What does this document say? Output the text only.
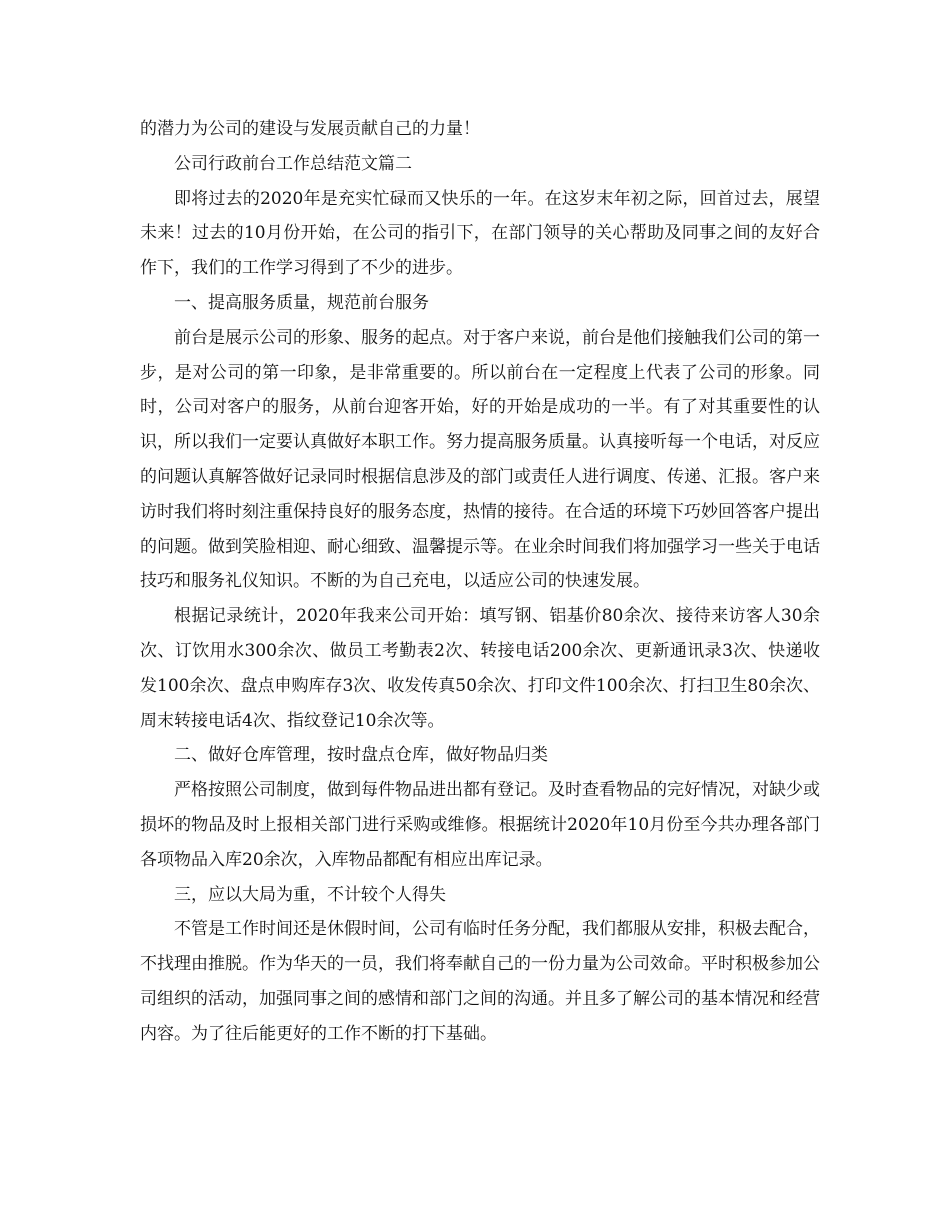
的潜力为公司的建设与发展贡献自己的力量！

公司行政前台工作总结范文篇二

即将过去的2020年是充实忙碌而又快乐的一年。在这岁末年初之际，回首过去，展望未来！过去的10月份开始，在公司的指引下，在部门领导的关心帮助及同事之间的友好合作下，我们的工作学习得到了不少的进步。

一、提高服务质量，规范前台服务

前台是展示公司的形象、服务的起点。对于客户来说，前台是他们接触我们公司的第一步，是对公司的第一印象，是非常重要的。所以前台在一定程度上代表了公司的形象。同时，公司对客户的服务，从前台迎客开始，好的开始是成功的一半。有了对其重要性的认识，所以我们一定要认真做好本职工作。努力提高服务质量。认真接听每一个电话，对反应的问题认真解答做好记录同时根据信息涉及的部门或责任人进行调度、传递、汇报。客户来访时我们将时刻注重保持良好的服务态度，热情的接待。在合适的环境下巧妙回答客户提出的问题。做到笑脸相迎、耐心细致、温馨提示等。在业余时间我们将加强学习一些关于电话技巧和服务礼仪知识。不断的为自己充电，以适应公司的快速发展。

根据记录统计，2020年我来公司开始：填写钢、铝基价80余次、接待来访客人30余次、订饮用水300余次、做员工考勤表2次、转接电话200余次、更新通讯录3次、快递收发100余次、盘点申购库存3次、收发传真50余次、打印文件100余次、打扫卫生80余次、周末转接电话4次、指纹登记10余次等。

二、做好仓库管理，按时盘点仓库，做好物品归类

严格按照公司制度，做到每件物品进出都有登记。及时查看物品的完好情况，对缺少或损坏的物品及时上报相关部门进行采购或维修。根据统计2020年10月份至今共办理各部门各项物品入库20余次，入库物品都配有相应出库记录。

三，应以大局为重，不计较个人得失

不管是工作时间还是休假时间，公司有临时任务分配，我们都服从安排，积极去配合，不找理由推脱。作为华天的一员，我们将奉献自己的一份力量为公司效命。平时积极参加公司组织的活动，加强同事之间的感情和部门之间的沟通。并且多了解公司的基本情况和经营内容。为了往后能更好的工作不断的打下基础。
